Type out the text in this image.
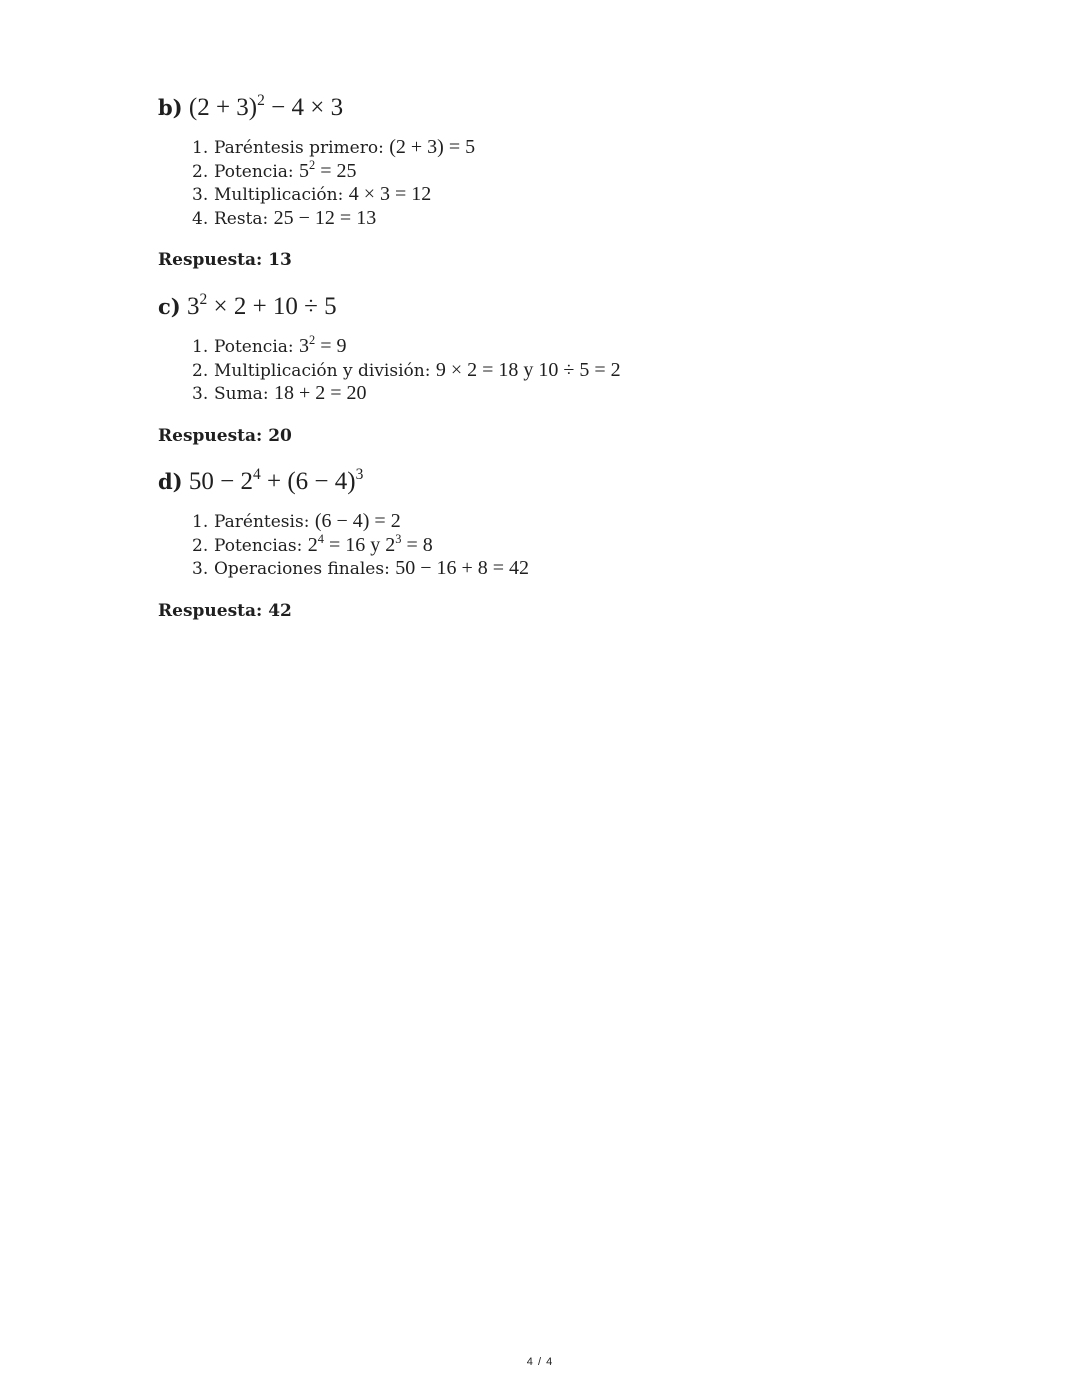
b) $(2 + 3)^2 - 4 \times 3$
1. Paréntesis primero: (2 + 3) = 5
2. Potencia: $5^2 = 25$
3. Multiplicación: 4 × 3 = 12
4. Resta: 25 − 12 = 13
Respuesta: 13
c) $3^2 \times 2 + 10 \div 5$
1. Potencia: $3^2 = 9$
2. Multiplicación y división: 9 × 2 = 18 y 10 ÷ 5 = 2
3. Suma: 18 + 2 = 20
Respuesta: 20
d) $50 - 2^4 + (6 - 4)^3$
1. Paréntesis: (6 − 4) = 2
2. Potencias: $2^4 = 16$ y $2^3 = 8$
3. Operaciones finales: 50 − 16 + 8 = 42
Respuesta: 42
4 / 4
